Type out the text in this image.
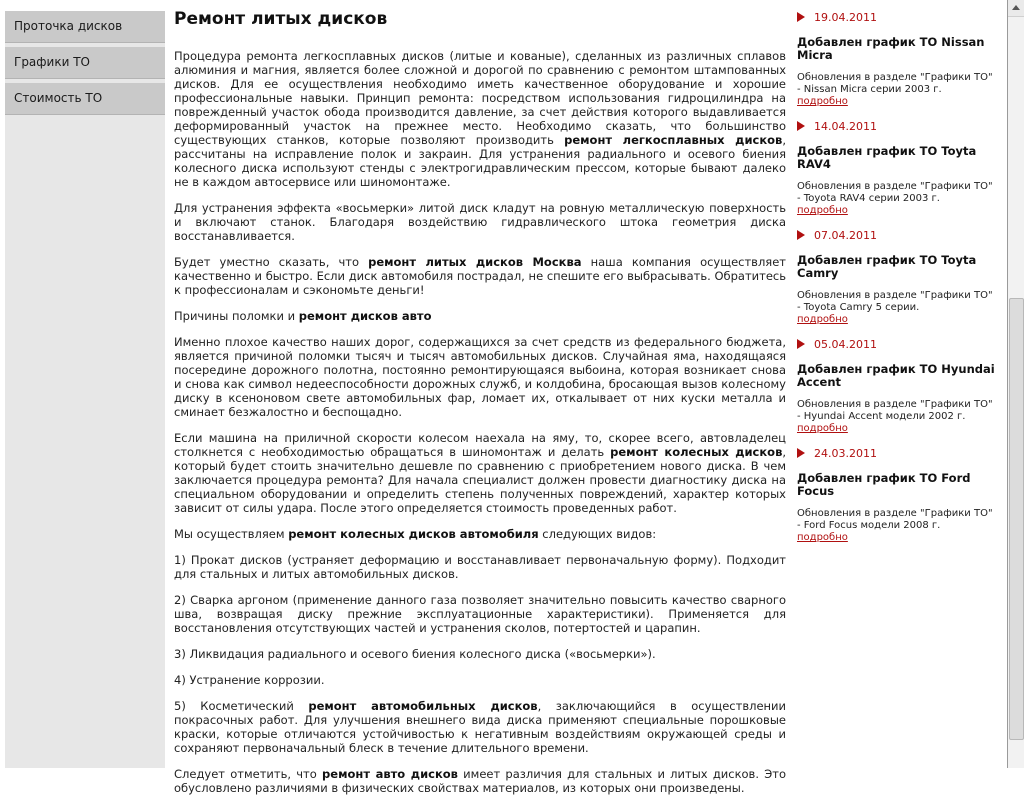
Проточка дисков
Графики ТО
Стоимость ТО
Ремонт литых дисков

Процедура ремонта легкосплавных дисков (литые и кованые), сделанных из различных сплавов алюминия и магния, является более сложной и дорогой по сравнению с ремонтом штампованных дисков. Для ее осуществления необходимо иметь качественное оборудование и хорошие профессиональные навыки. Принцип ремонта: посредством использования гидроцилиндра на поврежденный участок обода производится давление, за счет действия которого выдавливается деформированный участок на прежнее место. Необходимо сказать, что большинство существующих станков, которые позволяют производить ремонт легкосплавных дисков, рассчитаны на исправление полок и закраин. Для устранения радиального и осевого биения колесного диска используют стенды с электрогидравлическим прессом, которые бывают далеко не в каждом автосервисе или шиномонтаже.

Для устранения эффекта «восьмерки» литой диск кладут на ровную металлическую поверхность и включают станок. Благодаря воздействию гидравлического штока геометрия диска восстанавливается.

Будет уместно сказать, что ремонт литых дисков Москва наша компания осуществляет качественно и быстро. Если диск автомобиля пострадал, не спешите его выбрасывать. Обратитесь к профессионалам и сэкономьте деньги!

Причины поломки и ремонт дисков авто

Именно плохое качество наших дорог, содержащихся за счет средств из федерального бюджета, является причиной поломки тысяч и тысяч автомобильных дисков. Случайная яма, находящаяся посередине дорожного полотна, постоянно ремонтирующаяся выбоина, которая возникает снова и снова как символ недееспособности дорожных служб, и колдобина, бросающая вызов колесному диску в ксеноновом свете автомобильных фар, ломает их, откалывает от них куски металла и сминает безжалостно и беспощадно.

Если машина на приличной скорости колесом наехала на яму, то, скорее всего, автовладелец столкнется с необходимостью обращаться в шиномонтаж и делать ремонт колесных дисков, который будет стоить значительно дешевле по сравнению с приобретением нового диска. В чем заключается процедура ремонта? Для начала специалист должен провести диагностику диска на специальном оборудовании и определить степень полученных повреждений, характер которых зависит от силы удара. После этого определяется стоимость проведенных работ.

Мы осуществляем ремонт колесных дисков автомобиля следующих видов:

1) Прокат дисков (устраняет деформацию и восстанавливает первоначальную форму). Подходит для стальных и литых автомобильных дисков.

2) Сварка аргоном (применение данного газа позволяет значительно повысить качество сварного шва, возвращая диску прежние эксплуатационные характеристики). Применяется для восстановления отсутствующих частей и устранения сколов, потертостей и царапин.

3) Ликвидация радиального и осевого биения колесного диска («восьмерки»).

4) Устранение коррозии.

5) Косметический ремонт автомобильных дисков, заключающийся в осуществлении покрасочных работ. Для улучшения внешнего вида диска применяют специальные порошковые краски, которые отличаются устойчивостью к негативным воздействиям окружающей среды и сохраняют первоначальный блеск в течение длительного времени.

Следует отметить, что ремонт авто дисков имеет различия для стальных и литых дисков. Это обусловлено различиями в физических свойствах материалов, из которых они произведены.

19.04.2011
Добавлен график ТО Nissan Micra
Обновления в разделе "Графики ТО" - Nissan Micra серии 2003 г.
подробно
14.04.2011
Добавлен график ТО Toyta RAV4
Обновления в разделе "Графики ТО" - Toyota RAV4 серии 2003 г.
подробно
07.04.2011
Добавлен график ТО Toyta Camry
Обновления в разделе "Графики ТО" - Toyota Camry 5 серии.
подробно
05.04.2011
Добавлен график ТО Hyundai Accent
Обновления в разделе "Графики ТО" - Hyundai Accent модели 2002 г.
подробно
24.03.2011
Добавлен график ТО Ford Focus
Обновления в разделе "Графики ТО" - Ford Focus модели 2008 г.
подробно
